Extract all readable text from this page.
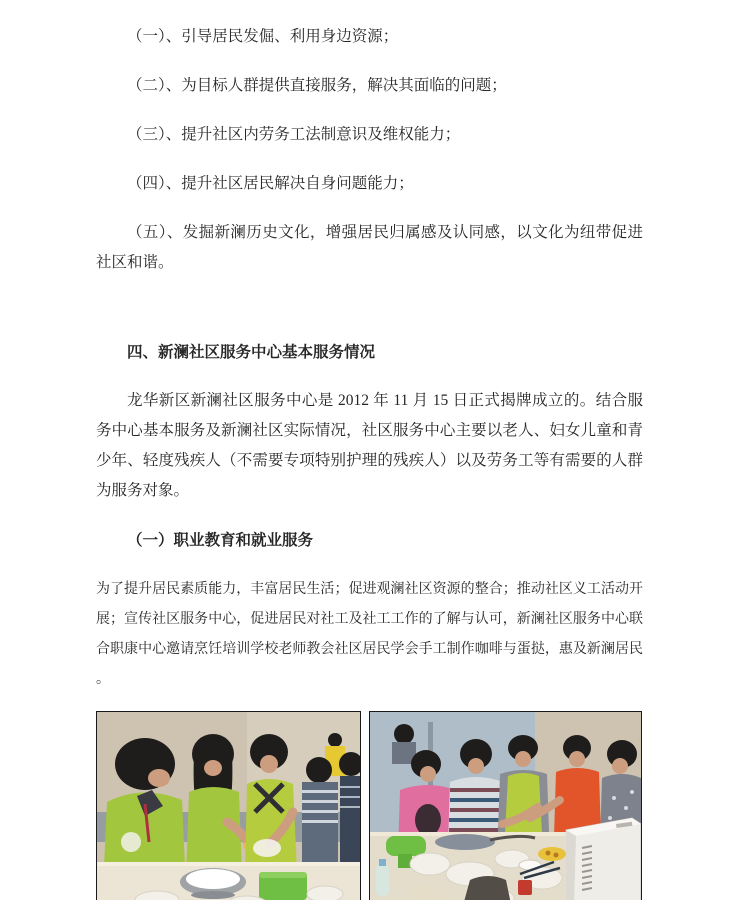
（一）、引导居民发倔、利用身边资源；

（二）、为目标人群提供直接服务，解决其面临的问题；

（三）、提升社区内劳务工法制意识及维权能力；

（四）、提升社区居民解决自身问题能力；

（五）、发掘新澜历史文化，增强居民归属感及认同感，以文化为纽带促进社区和谐。

四、新澜社区服务中心基本服务情况

龙华新区新澜社区服务中心是 2012 年 11 月 15 日正式揭牌成立的。结合服务中心基本服务及新澜社区实际情况，社区服务中心主要以老人、妇女儿童和青少年、轻度残疾人（不需要专项特别护理的残疾人）以及劳务工等有需要的人群为服务对象。

（一）职业教育和就业服务

为了提升居民素质能力，丰富居民生活；促进观澜社区资源的整合；推动社区义工活动开展；宣传社区服务中心，促进居民对社工及社工工作的了解与认可，新澜社区服务中心联合职康中心邀请烹饪培训学校老师教会社区居民学会手工制作咖啡与蛋挞，惠及新澜居民 。
